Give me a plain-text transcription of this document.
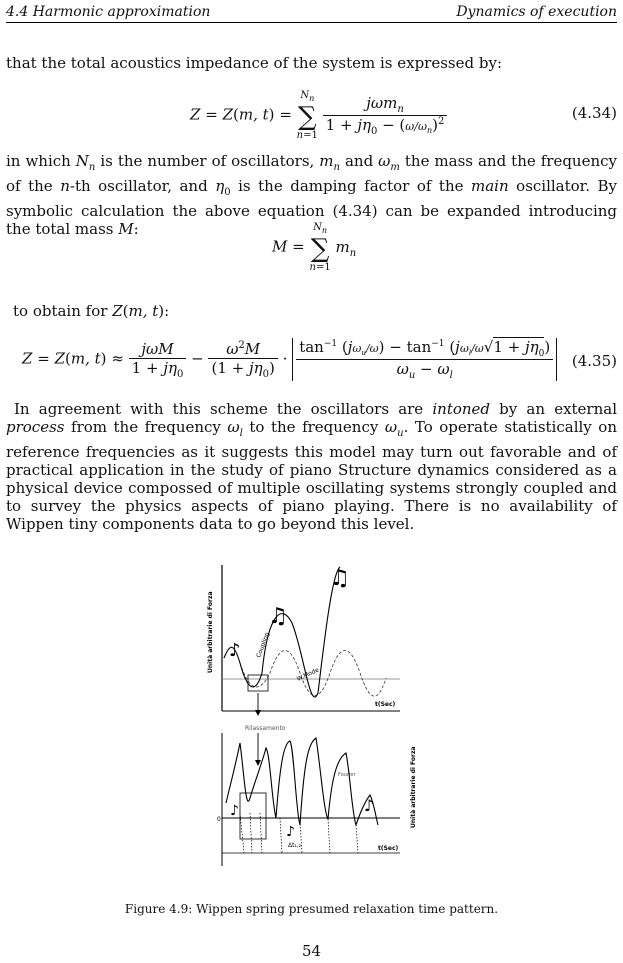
4.4 Harmonic approximation	Dynamics of execution
that the total acoustics impedance of the system is expressed by:
Z = Z(m, t) =
$N_n$
∑
n=1
$\frac{j\omega m_n}{1 + j\eta_0 - (\omega/\omega_n)^2}$	(4.34)
in which $N_n$ is the number of oscillators, $m_n$ and $\omega_m$ the mass and the frequency of the n-th oscillator, and $\eta_0$ is the damping factor of the main oscillator. By symbolic calculation the above equation (4.34) can be expanded introducing the total mass M:
M =
$N_n$
∑
n=1
$m_n$
to obtain for Z(m, t):
Z = Z(m, $t) \approx \frac{\text{jωM}}{1 + j\eta_0} - \frac{\omega^2M}{(1 + j\eta_0)} \cdot \frac{\tan^{-1} (j\omega_u/\omega) - \tan^{-1} (j\omega_l/\omega√1 + j\eta_0)}{\omega_u - \omega_l} (4.35)$
In agreement with this scheme the oscillators are intoned by an external process from the frequency $\omega_l$ to the frequency $\omega_u$. To operate statistically on reference frequencies as it suggests this model may turn out favorable and of practical application in the study of piano Structure dynamics considered as a physical device compossed of multiple oscillating systems strongly coupled and to survey the physics aspects of piano playing. There is no availability of Wippen tiny components data to go beyond this level.
♪
♫
♫
t(Sec)
Unità arbitrarie di Forza	Coupling
W.Mode
Rilassamento
♪
♪
♪
Fourier
Δt₁,₂
0
t(Sec)
Unità arbitrarie di Forza
Figure 4.9: Wippen spring presumed relaxation time pattern.
54
